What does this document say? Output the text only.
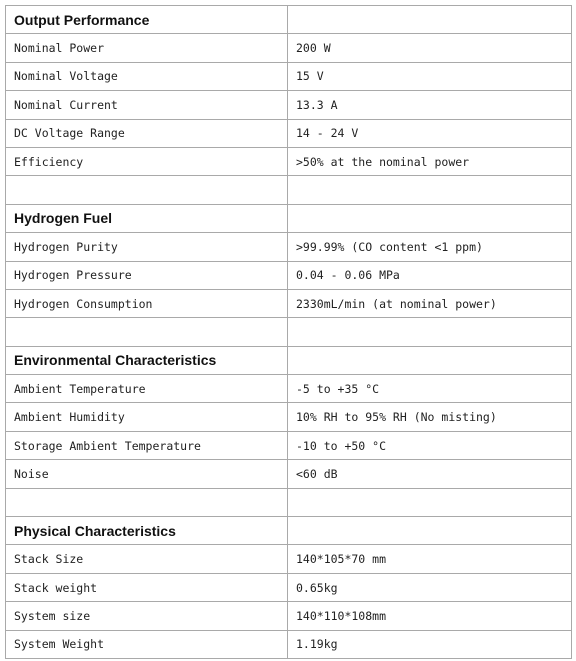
Output Performance	
Nominal Power	200 W
Nominal Voltage	15 V
Nominal Current	13.3 A
DC Voltage Range	14 - 24 V
Efficiency	>50% at the nominal power

Hydrogen Fuel	
Hydrogen Purity	>99.99% (CO content <1 ppm)
Hydrogen Pressure	0.04 - 0.06 MPa
Hydrogen Consumption	2330mL/min (at nominal power)

Environmental Characteristics	
Ambient Temperature	-5 to +35 °C
Ambient Humidity	10% RH to 95% RH (No misting)
Storage Ambient Temperature	-10 to +50 °C
Noise	<60 dB

Physical Characteristics	
Stack Size	140*105*70 mm
Stack weight	0.65kg
System size	140*110*108mm
System Weight	1.19kg
